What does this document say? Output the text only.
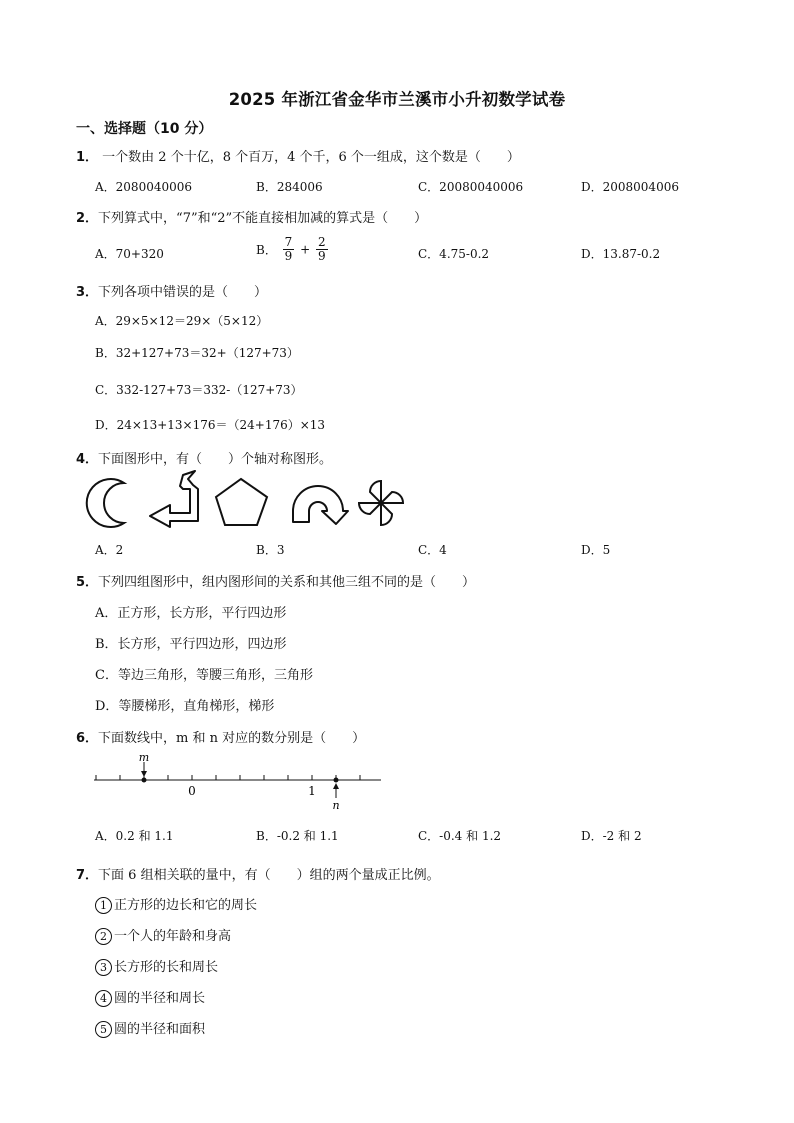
2025 年浙江省金华市兰溪市小升初数学试卷
一、选择题（10 分）
1． 一个数由 2 个十亿，8 个百万，4 个千，6 个一组成，这个数是（　　）
A．2080040006	B．284006	C．20080040006	D．2008004006
2．下列算式中，“7”和“2”不能直接相加减的算式是（　　）
A．70+320	B． $\frac{7}{9} + \frac{2}{9}$	C．4.75-0.2	D．13.87-0.2
3．下列各项中错误的是（　　）
A．29×5×12＝29×（5×12）
B．32+127+73＝32+（127+73）
C．332-127+73＝332-（127+73）
D．24×13+13×176＝（24+176）×13
4．下面图形中，有（　　）个轴对称图形。
A．2	B．3	C．4	D．5
5．下列四组图形中，组内图形间的关系和其他三组不同的是（　　）
A．正方形，长方形，平行四边形
B．长方形，平行四边形，四边形
C．等边三角形，等腰三角形，三角形
D．等腰梯形，直角梯形，梯形
6．下面数线中，m 和 n 对应的数分别是（　　）
m
n
0	1
A．0.2 和 1.1	B．-0.2 和 1.1	C．-0.4 和 1.2	D．-2 和 2
7．下面 6 组相关联的量中，有（　　）组的两个量成正比例。
1 正方形的边长和它的周长
2 一个人的年龄和身高
3 长方形的长和周长
4 圆的半径和周长
5 圆的半径和面积
